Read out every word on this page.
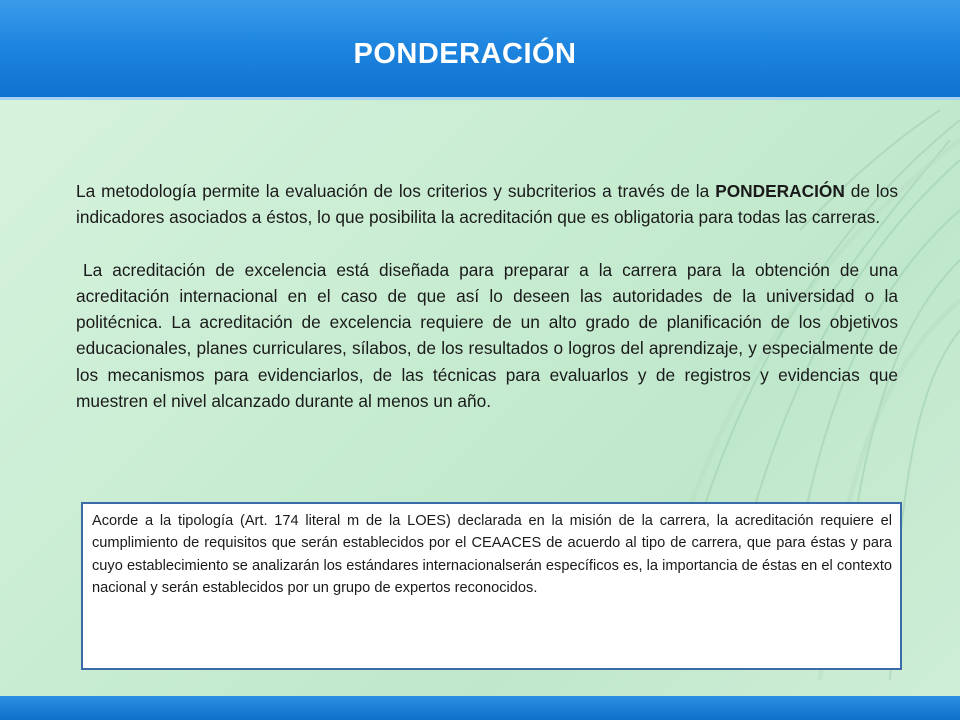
PONDERACIÓN

La metodología permite la evaluación de los criterios y subcriterios a través de la PONDERACIÓN de los indicadores asociados a éstos, lo que posibilita la acreditación que es obligatoria para todas las carreras.

La acreditación de excelencia está diseñada para preparar a la carrera para la obtención de una acreditación internacional en el caso de que así lo deseen las autoridades de la universidad o la politécnica. La acreditación de excelencia requiere de un alto grado de planificación de los objetivos educacionales, planes curriculares, sílabos, de los resultados o logros del aprendizaje, y especialmente de los mecanismos para evidenciarlos, de las técnicas para evaluarlos y de registros y evidencias que muestren el nivel alcanzado durante al menos un año.

Acorde a la tipología (Art. 174 literal m de la LOES) declarada en la misión de la carrera, la acreditación requiere el cumplimiento de requisitos que serán establecidos por el CEAACES de acuerdo al tipo de carrera, que para éstas y para cuyo establecimiento se analizarán los estándares internacionalserán específicos es, la importancia de éstas en el contexto nacional y serán establecidos por un grupo de expertos reconocidos.
